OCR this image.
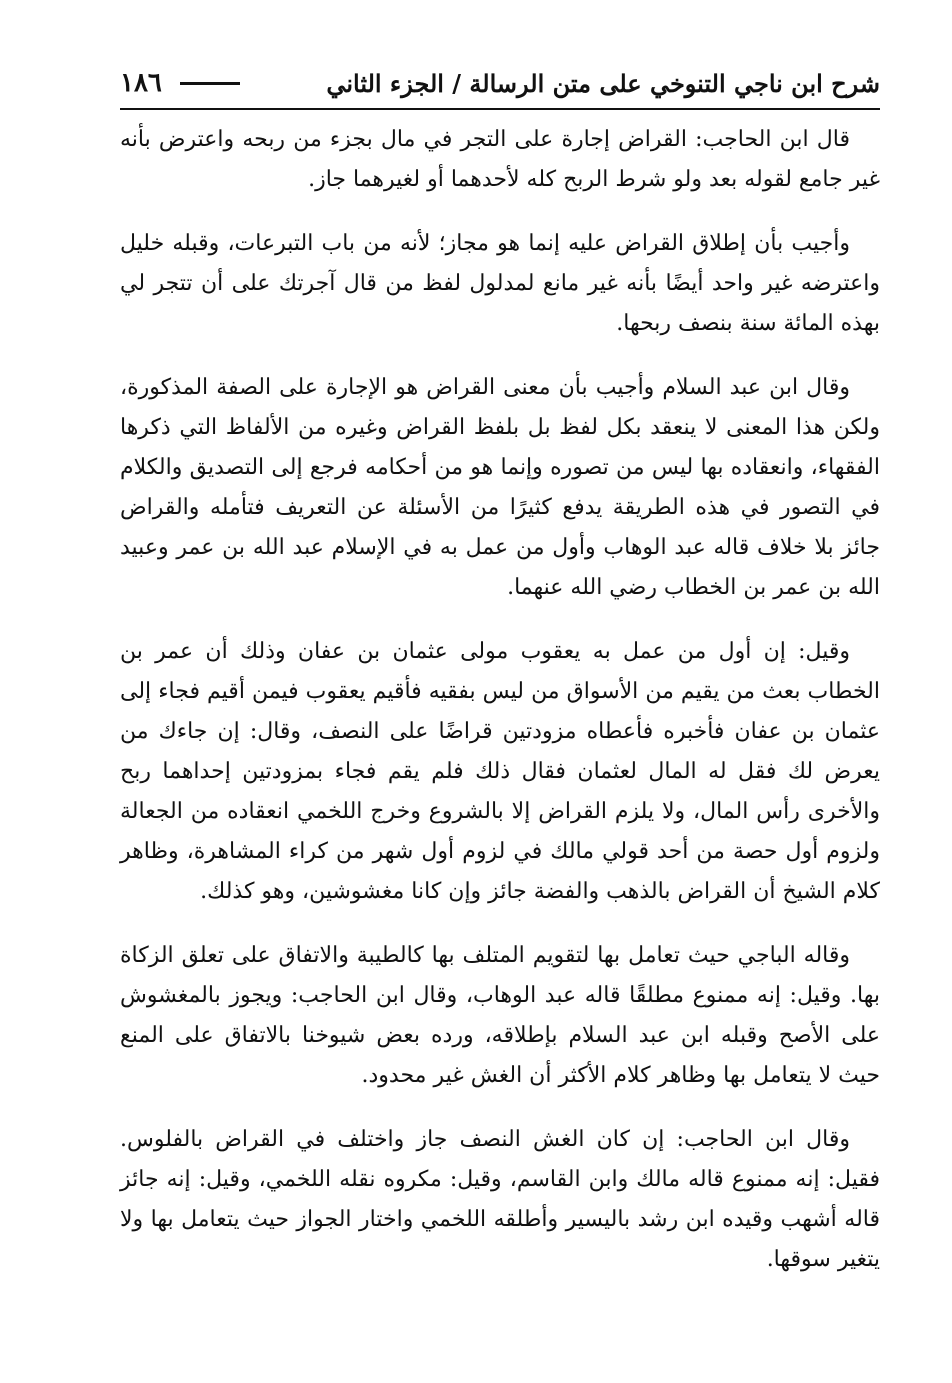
شرح ابن ناجي التنوخي على متن الرسالة / الجزء الثاني
١٨٦

قال ابن الحاجب: القراض إجارة على التجر في مال بجزء من ربحه واعترض بأنه غير جامع لقوله بعد ولو شرط الربح كله لأحدهما أو لغيرهما جاز.

وأجيب بأن إطلاق القراض عليه إنما هو مجاز؛ لأنه من باب التبرعات، وقبله خليل واعترضه غير واحد أيضًا بأنه غير مانع لمدلول لفظ من قال آجرتك على أن تتجر لي بهذه المائة سنة بنصف ربحها.

وقال ابن عبد السلام وأجيب بأن معنى القراض هو الإجارة على الصفة المذكورة، ولكن هذا المعنى لا ينعقد بكل لفظ بل بلفظ القراض وغيره من الألفاظ التي ذكرها الفقهاء، وانعقاده بها ليس من تصوره وإنما هو من أحكامه فرجع إلى التصديق والكلام في التصور في هذه الطريقة يدفع كثيرًا من الأسئلة عن التعريف فتأمله والقراض جائز بلا خلاف قاله عبد الوهاب وأول من عمل به في الإسلام عبد الله بن عمر وعبيد الله بن عمر بن الخطاب رضي الله عنهما.

وقيل: إن أول من عمل به يعقوب مولى عثمان بن عفان وذلك أن عمر بن الخطاب بعث من يقيم من الأسواق من ليس بفقيه فأقيم يعقوب فيمن أقيم فجاء إلى عثمان بن عفان فأخبره فأعطاه مزودتين قراضًا على النصف، وقال: إن جاءك من يعرض لك فقل له المال لعثمان فقال ذلك فلم يقم فجاء بمزودتين إحداهما ربح والأخرى رأس المال، ولا يلزم القراض إلا بالشروع وخرج اللخمي انعقاده من الجعالة ولزوم أول حصة من أحد قولي مالك في لزوم أول شهر من كراء المشاهرة، وظاهر كلام الشيخ أن القراض بالذهب والفضة جائز وإن كانا مغشوشين، وهو كذلك.

وقاله الباجي حيث تعامل بها لتقويم المتلف بها كالطيبة والاتفاق على تعلق الزكاة بها. وقيل: إنه ممنوع مطلقًا قاله عبد الوهاب، وقال ابن الحاجب: ويجوز بالمغشوش على الأصح وقبله ابن عبد السلام بإطلاقه، ورده بعض شيوخنا بالاتفاق على المنع حيث لا يتعامل بها وظاهر كلام الأكثر أن الغش غير محدود.

وقال ابن الحاجب: إن كان الغش النصف جاز واختلف في القراض بالفلوس. فقيل: إنه ممنوع قاله مالك وابن القاسم، وقيل: مكروه نقله اللخمي، وقيل: إنه جائز قاله أشهب وقيده ابن رشد باليسير وأطلقه اللخمي واختار الجواز حيث يتعامل بها ولا يتغير سوقها.
